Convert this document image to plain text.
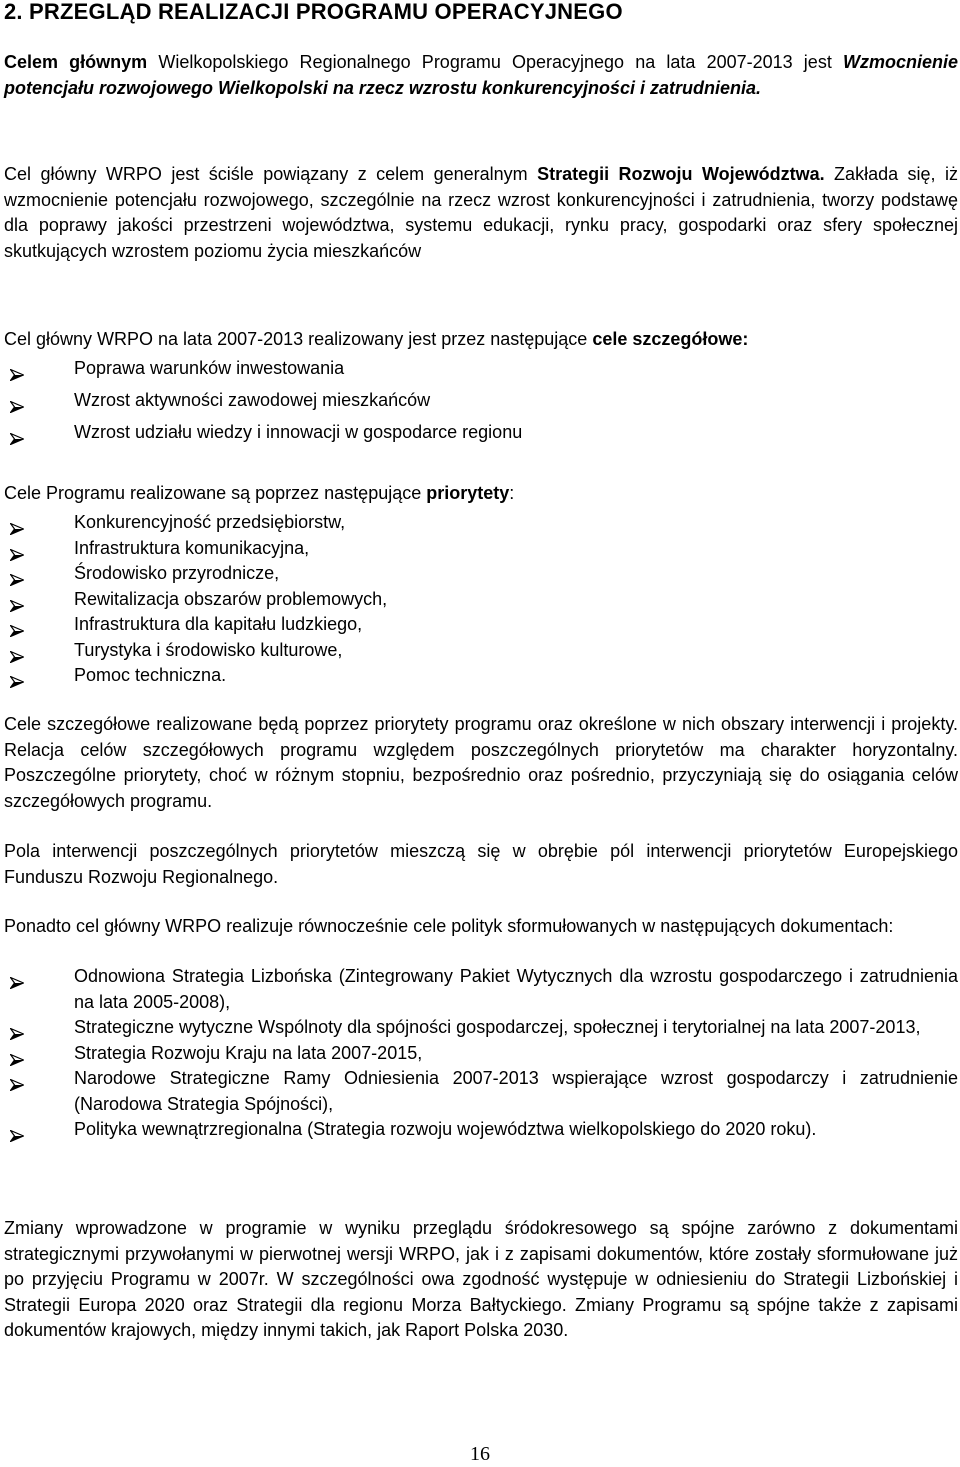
2. PRZEGLĄD REALIZACJI PROGRAMU OPERACYJNEGO

Celem głównym Wielkopolskiego Regionalnego Programu Operacyjnego na lata 2007-2013 jest Wzmocnienie potencjału rozwojowego Wielkopolski na rzecz wzrostu konkurencyjności i zatrudnienia.

Cel główny WRPO jest ściśle powiązany z celem generalnym Strategii Rozwoju Województwa. Zakłada się, iż wzmocnienie potencjału rozwojowego, szczególnie na rzecz wzrost konkurencyjności i zatrudnienia, tworzy podstawę dla poprawy jakości przestrzeni województwa, systemu edukacji, rynku pracy, gospodarki oraz sfery społecznej skutkujących wzrostem poziomu życia mieszkańców

Cel główny WRPO na lata 2007-2013 realizowany jest przez następujące cele szczegółowe:

Poprawa warunków inwestowania
Wzrost aktywności zawodowej mieszkańców
Wzrost udziału wiedzy i innowacji w gospodarce regionu

Cele Programu realizowane są poprzez następujące priorytety:

Konkurencyjność przedsiębiorstw,
Infrastruktura komunikacyjna,
Środowisko przyrodnicze,
Rewitalizacja obszarów problemowych,
Infrastruktura dla kapitału ludzkiego,
Turystyka i środowisko kulturowe,
Pomoc techniczna.

Cele szczegółowe realizowane będą poprzez priorytety programu oraz określone w nich obszary interwencji i projekty. Relacja celów szczegółowych programu względem poszczególnych priorytetów ma charakter horyzontalny. Poszczególne priorytety, choć w różnym stopniu, bezpośrednio oraz pośrednio, przyczyniają się do osiągania celów szczegółowych programu.

Pola interwencji poszczególnych priorytetów mieszczą się w obrębie pól interwencji priorytetów Europejskiego Funduszu Rozwoju Regionalnego.

Ponadto cel główny WRPO realizuje równocześnie cele polityk sformułowanych w następujących dokumentach:

Odnowiona Strategia Lizbońska (Zintegrowany Pakiet Wytycznych dla wzrostu gospodarczego i zatrudnienia na lata 2005-2008),
Strategiczne wytyczne Wspólnoty dla spójności gospodarczej, społecznej i terytorialnej na lata 2007-2013,
Strategia Rozwoju Kraju na lata 2007-2015,
Narodowe Strategiczne Ramy Odniesienia 2007-2013 wspierające wzrost gospodarczy i zatrudnienie (Narodowa Strategia Spójności),
Polityka wewnątrzregionalna (Strategia rozwoju województwa wielkopolskiego do 2020 roku).

Zmiany wprowadzone w programie w wyniku przeglądu śródokresowego są spójne zarówno z dokumentami strategicznymi przywołanymi w pierwotnej wersji WRPO, jak i z zapisami dokumentów, które zostały sformułowane już po przyjęciu Programu w 2007r. W szczególności owa zgodność występuje w odniesieniu do Strategii Lizbońskiej i Strategii Europa 2020 oraz Strategii dla regionu Morza Bałtyckiego. Zmiany Programu są spójne także z zapisami dokumentów krajowych, między innymi takich, jak Raport Polska 2030.

16
